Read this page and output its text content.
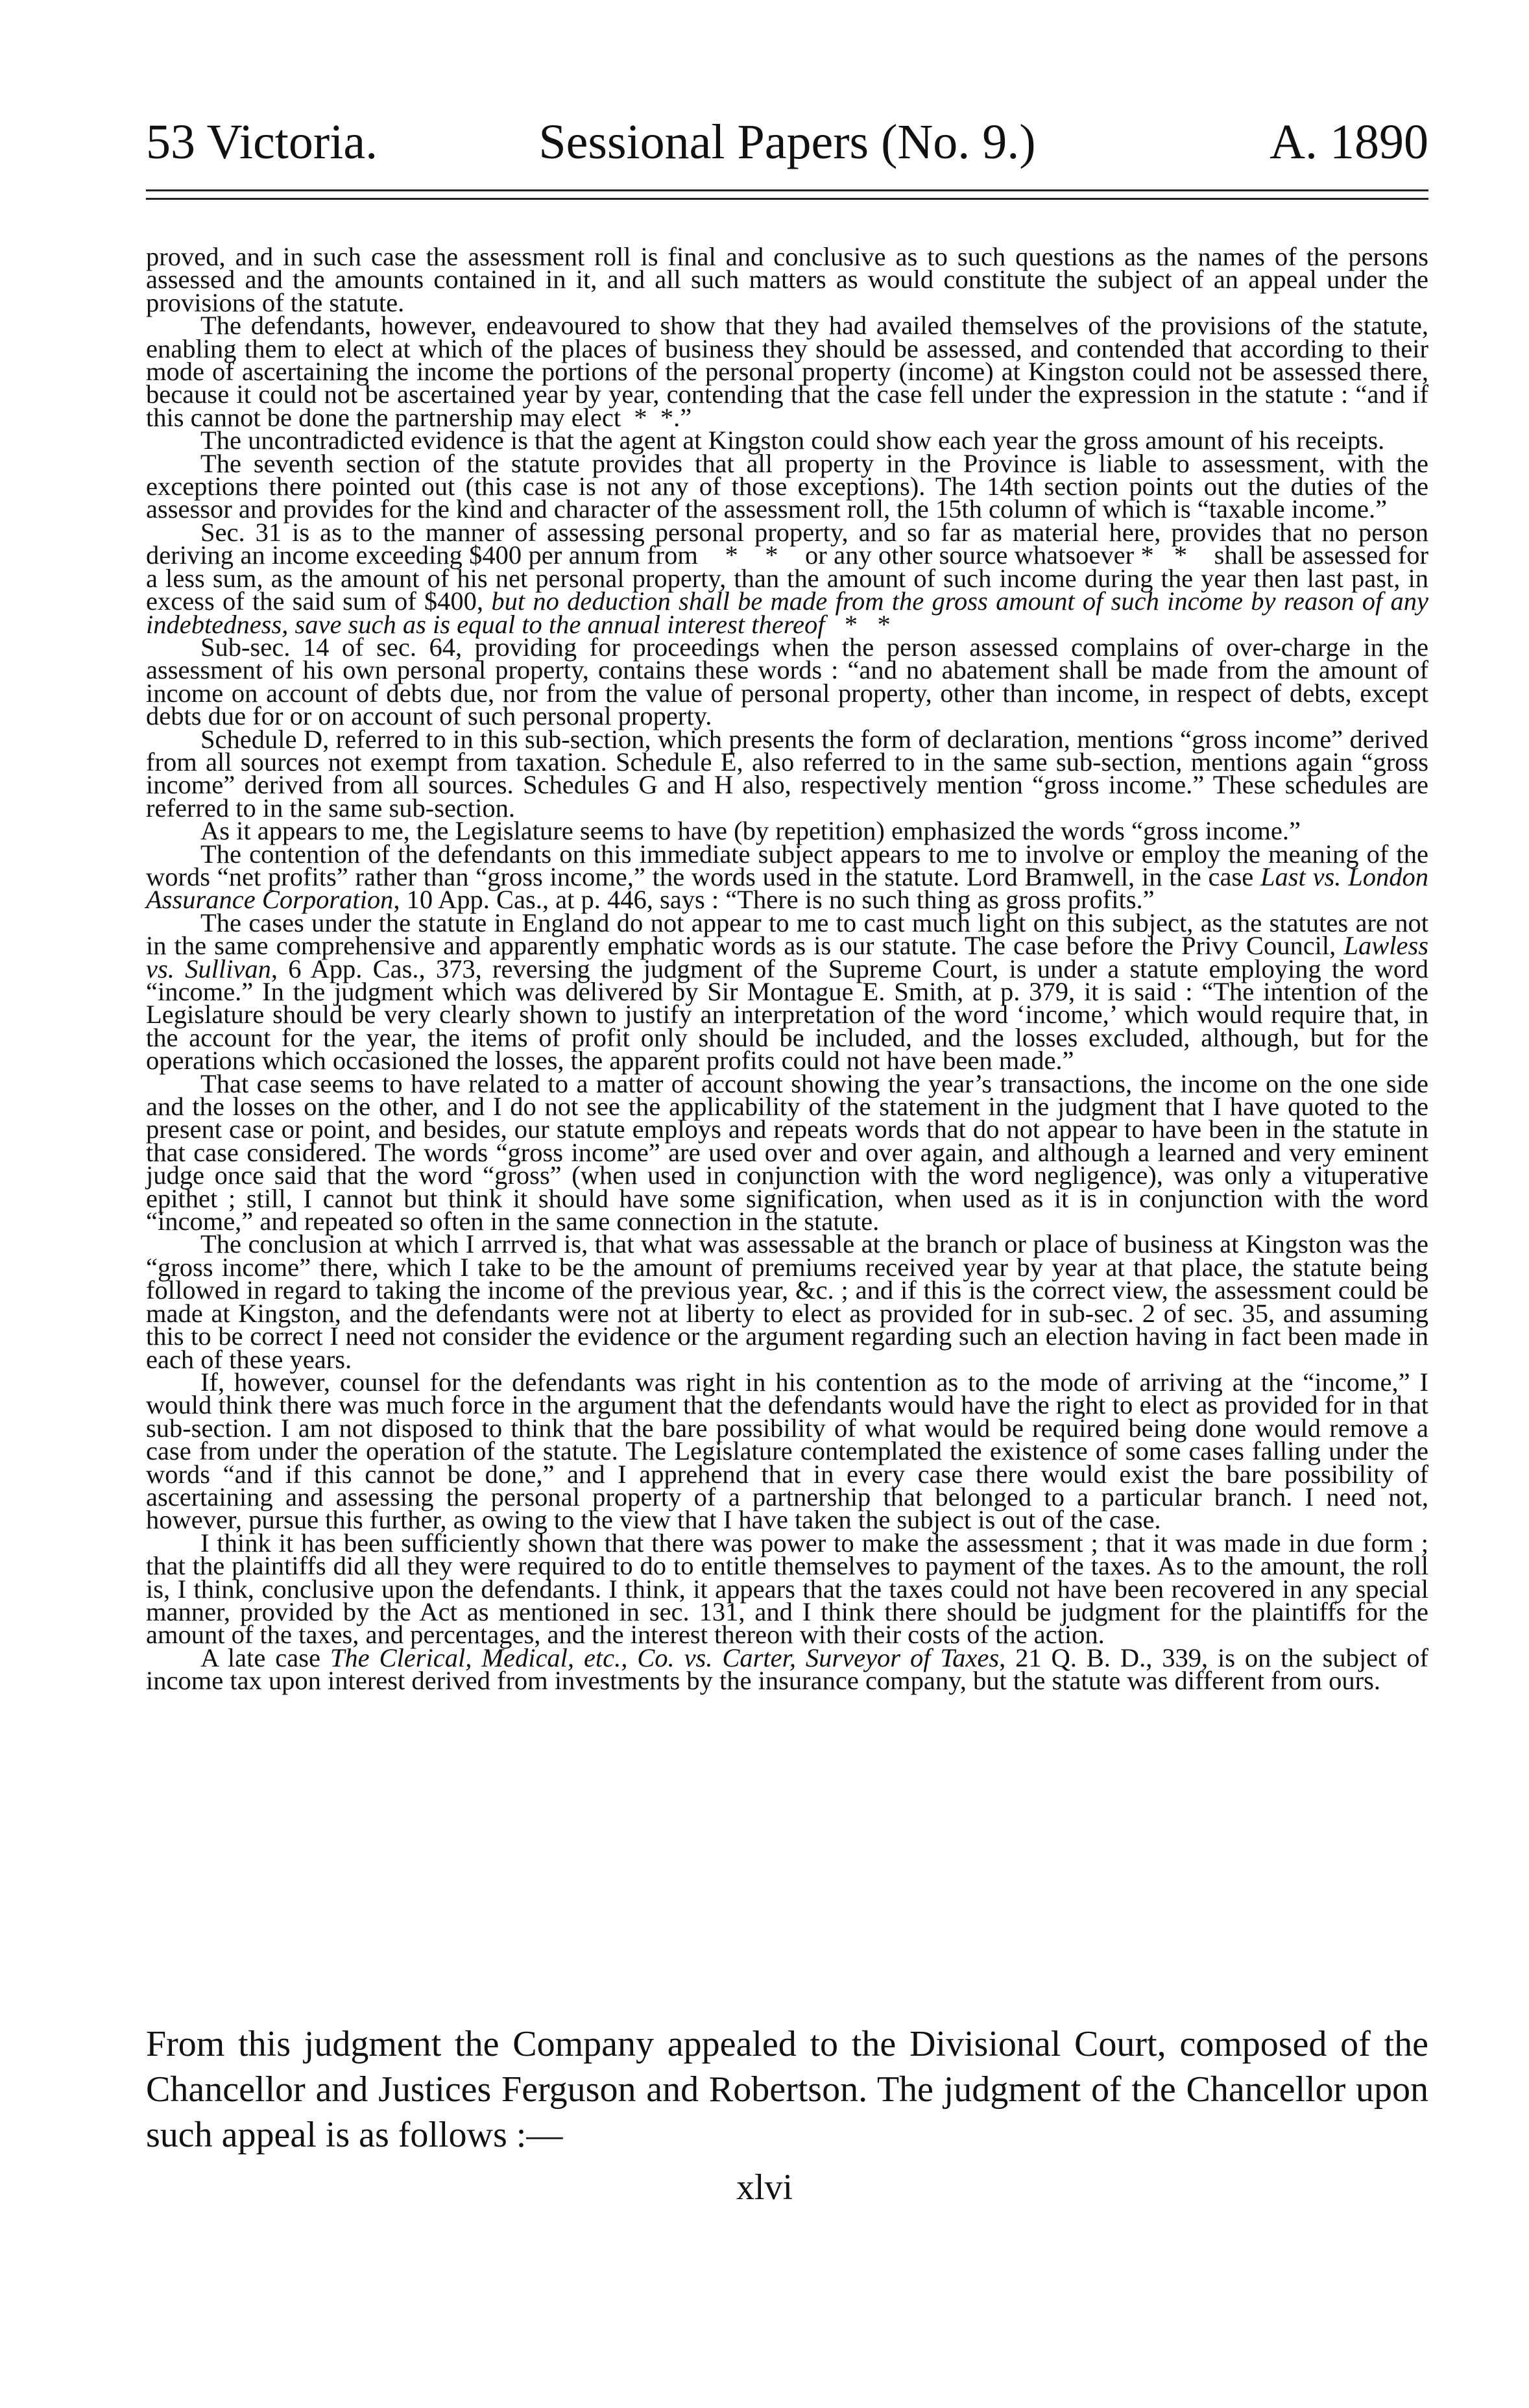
53 Victoria.	Sessional Papers (No. 9.)	A. 1890

proved, and in such case the assessment roll is final and conclusive as to such questions as the names of the persons assessed and the amounts contained in it, and all such matters as would constitute the subject of an appeal under the provisions of the statute.

The defendants, however, endeavoured to show that they had availed themselves of the provisions of the statute, enabling them to elect at which of the places of business they should be assessed, and contended that according to their mode of ascertaining the income the portions of the personal property (income) at Kingston could not be assessed there, because it could not be ascertained year by year, contending that the case fell under the expression in the statute : “and if this cannot be done the partnership may elect  *  *.”

The uncontradicted evidence is that the agent at Kingston could show each year the gross amount of his receipts.

The seventh section of the statute provides that all property in the Province is liable to assessment, with the exceptions there pointed out (this case is not any of those exceptions). The 14th section points out the duties of the assessor and provides for the kind and character of the assessment roll, the 15th column of which is “taxable income.”

Sec. 31 is as to the manner of assessing personal property, and so far as material here, provides that no person deriving an income exceeding $400 per annum from    *    *    or any other source whatsoever *   *    shall be assessed for a less sum, as the amount of his net personal property, than the amount of such income during the year then last past, in excess of the said sum of $400, but no deduction shall be made from the gross amount of such income by reason of any indebtedness, save such as is equal to the annual interest thereof   *   *

Sub-sec. 14 of sec. 64, providing for proceedings when the person assessed complains of over-charge in the assessment of his own personal property, contains these words : “and no abatement shall be made from the amount of income on account of debts due, nor from the value of personal property, other than income, in respect of debts, except debts due for or on account of such personal property.

Schedule D, referred to in this sub-section, which presents the form of declaration, mentions “gross income” derived from all sources not exempt from taxation. Schedule E, also referred to in the same sub-section, mentions again “gross income” derived from all sources. Schedules G and H also, respectively mention “gross income.” These schedules are referred to in the same sub-section.

As it appears to me, the Legislature seems to have (by repetition) emphasized the words “gross income.”

The contention of the defendants on this immediate subject appears to me to involve or employ the meaning of the words “net profits” rather than “gross income,” the words used in the statute. Lord Bramwell, in the case Last vs. London Assurance Corporation, 10 App. Cas., at p. 446, says : “There is no such thing as gross profits.”

The cases under the statute in England do not appear to me to cast much light on this subject, as the statutes are not in the same comprehensive and apparently emphatic words as is our statute. The case before the Privy Council, Lawless vs. Sullivan, 6 App. Cas., 373, reversing the judgment of the Supreme Court, is under a statute employing the word “income.” In the judgment which was delivered by Sir Montague E. Smith, at p. 379, it is said : “The intention of the Legislature should be very clearly shown to justify an interpretation of the word ‘income,’ which would require that, in the account for the year, the items of profit only should be included, and the losses excluded, although, but for the operations which occasioned the losses, the apparent profits could not have been made.”

That case seems to have related to a matter of account showing the year’s transactions, the income on the one side and the losses on the other, and I do not see the applicability of the statement in the judgment that I have quoted to the present case or point, and besides, our statute employs and repeats words that do not appear to have been in the statute in that case considered. The words “gross income” are used over and over again, and although a learned and very eminent judge once said that the word “gross” (when used in conjunction with the word negligence), was only a vituperative epithet ; still, I cannot but think it should have some signification, when used as it is in conjunction with the word “income,” and repeated so often in the same connection in the statute.

The conclusion at which I arrrved is, that what was assessable at the branch or place of business at Kingston was the “gross income” there, which I take to be the amount of premiums received year by year at that place, the statute being followed in regard to taking the income of the previous year, &c. ; and if this is the correct view, the assessment could be made at Kingston, and the defendants were not at liberty to elect as provided for in sub-sec. 2 of sec. 35, and assuming this to be correct I need not consider the evidence or the argument regarding such an election having in fact been made in each of these years.

If, however, counsel for the defendants was right in his contention as to the mode of arriving at the “income,” I would think there was much force in the argument that the defendants would have the right to elect as provided for in that sub-section. I am not disposed to think that the bare possibility of what would be required being done would remove a case from under the operation of the statute. The Legislature contemplated the existence of some cases falling under the words “and if this cannot be done,” and I apprehend that in every case there would exist the bare possibility of ascertaining and assessing the personal property of a partnership that belonged to a particular branch. I need not, however, pursue this further, as owing to the view that I have taken the subject is out of the case.

I think it has been sufficiently shown that there was power to make the assessment ; that it was made in due form ; that the plaintiffs did all they were required to do to entitle themselves to payment of the taxes. As to the amount, the roll is, I think, conclusive upon the defendants. I think, it appears that the taxes could not have been recovered in any special manner, provided by the Act as mentioned in sec. 131, and I think there should be judgment for the plaintiffs for the amount of the taxes, and percentages, and the interest thereon with their costs of the action.

A late case The Clerical, Medical, etc., Co. vs. Carter, Surveyor of Taxes, 21 Q. B. D., 339, is on the subject of income tax upon interest derived from investments by the insurance company, but the statute was different from ours.

From this judgment the Company appealed to the Divisional Court, composed of the Chancellor and Justices Ferguson and Robertson. The judgment of the Chancellor upon such appeal is as follows :—
xlvi
